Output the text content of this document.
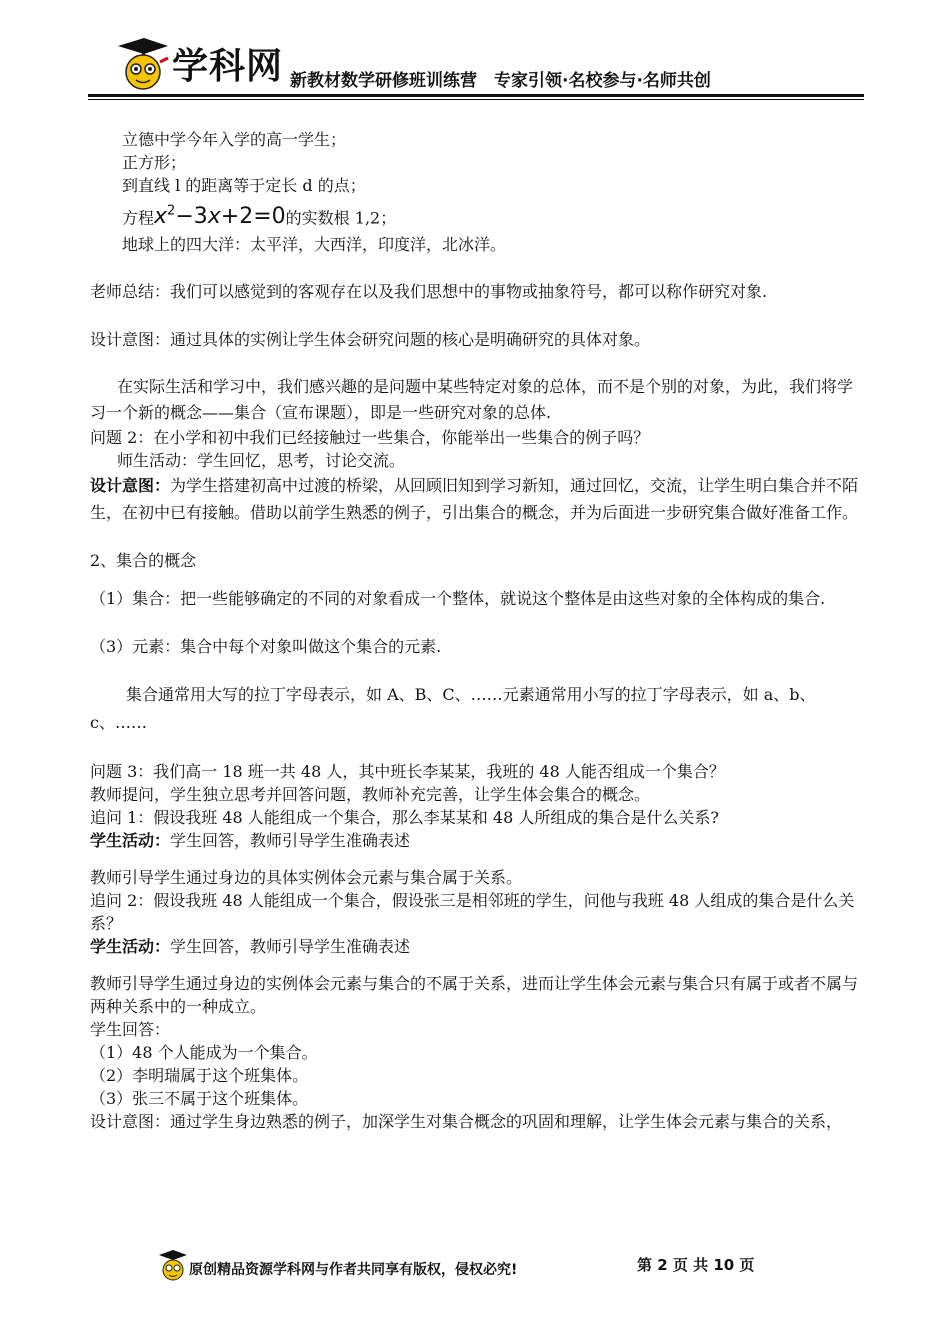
学科网 新教材数学研修班训练营　专家引领·名校参与·名师共创

立德中学今年入学的高一学生；

正方形；

到直线 l 的距离等于定长 d 的点；

方程$x^2-3x+2=0$的实数根 1,2；

地球上的四大洋：太平洋，大西洋，印度洋，北冰洋。

老师总结：我们可以感觉到的客观存在以及我们思想中的事物或抽象符号，都可以称作研究对象.

设计意图：通过具体的实例让学生体会研究问题的核心是明确研究的具体对象。

在实际生活和学习中，我们感兴趣的是问题中某些特定对象的总体，而不是个别的对象，为此，我们将学习一个新的概念——集合（宣布课题），即是一些研究对象的总体.

问题 2：在小学和初中我们已经接触过一些集合，你能举出一些集合的例子吗？

师生活动：学生回忆，思考，讨论交流。

设计意图：为学生搭建初高中过渡的桥梁，从回顾旧知到学习新知，通过回忆，交流，让学生明白集合并不陌生，在初中已有接触。借助以前学生熟悉的例子，引出集合的概念，并为后面进一步研究集合做好准备工作。

2、集合的概念

（1）集合：把一些能够确定的不同的对象看成一个整体，就说这个整体是由这些对象的全体构成的集合.

（3）元素：集合中每个对象叫做这个集合的元素.

集合通常用大写的拉丁字母表示，如 A、B、C、……元素通常用小写的拉丁字母表示，如 a、b、c、……

问题 3：我们高一 18 班一共 48 人，其中班长李某某，我班的 48 人能否组成一个集合？

教师提问，学生独立思考并回答问题，教师补充完善，让学生体会集合的概念。

追问 1：假设我班 48 人能组成一个集合，那么李某某和 48 人所组成的集合是什么关系?

学生活动：学生回答，教师引导学生准确表述

教师引导学生通过身边的具体实例体会元素与集合属于关系。

追问 2：假设我班 48 人能组成一个集合，假设张三是相邻班的学生，问他与我班 48 人组成的集合是什么关系？

学生活动：学生回答，教师引导学生准确表述

教师引导学生通过身边的实例体会元素与集合的不属于关系，进而让学生体会元素与集合只有属于或者不属与两种关系中的一种成立。

学生回答：

（1）48 个人能成为一个集合。

（2）李明瑞属于这个班集体。

（3）张三不属于这个班集体。

设计意图：通过学生身边熟悉的例子，加深学生对集合概念的巩固和理解，让学生体会元素与集合的关系，

原创精品资源学科网与作者共同享有版权，侵权必究!	第 2 页 共 10 页
